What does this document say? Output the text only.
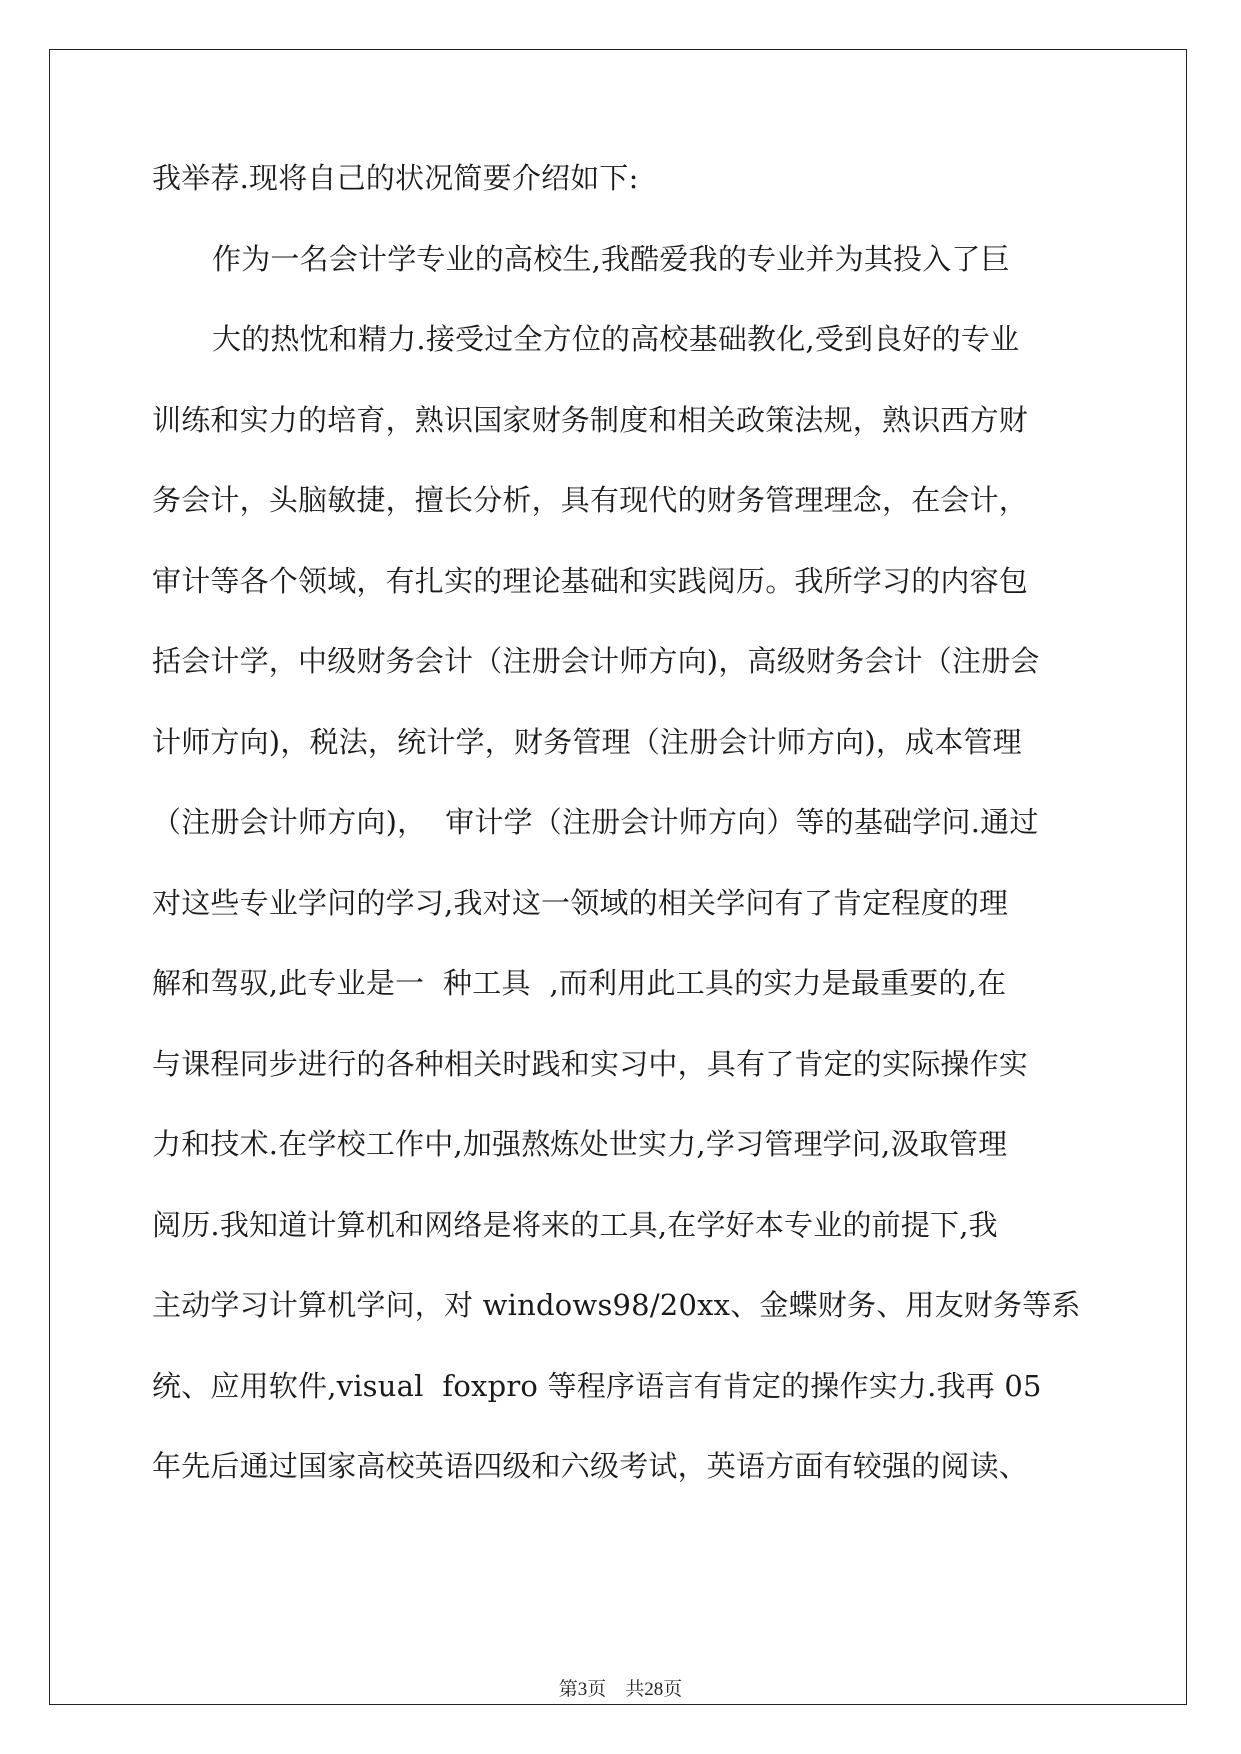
我举荐.现将自己的状况简要介绍如下:
作为一名会计学专业的高校生,我酷爱我的专业并为其投入了巨
大的热忱和精力.接受过全方位的高校基础教化,受到良好的专业
训练和实力的培育，熟识国家财务制度和相关政策法规，熟识西方财
务会计，头脑敏捷，擅长分析，具有现代的财务管理理念，在会计，
审计等各个领域，有扎实的理论基础和实践阅历。我所学习的内容包
括会计学，中级财务会计（注册会计师方向)，高级财务会计（注册会
计师方向)，税法，统计学，财务管理（注册会计师方向)，成本管理
（注册会计师方向)，  审计学（注册会计师方向）等的基础学问.通过
对这些专业学问的学习,我对这一领域的相关学问有了肯定程度的理
解和驾驭,此专业是一  种工具  ,而利用此工具的实力是最重要的,在
与课程同步进行的各种相关时践和实习中，具有了肯定的实际操作实
力和技术.在学校工作中,加强熬炼处世实力,学习管理学问,汲取管理
阅历.我知道计算机和网络是将来的工具,在学好本专业的前提下,我
主动学习计算机学问，对 windows98/20xx、金蝶财务、用友财务等系
统、应用软件,visual  foxpro 等程序语言有肯定的操作实力.我再 05
年先后通过国家高校英语四级和六级考试，英语方面有较强的阅读、
第3页    共28页
